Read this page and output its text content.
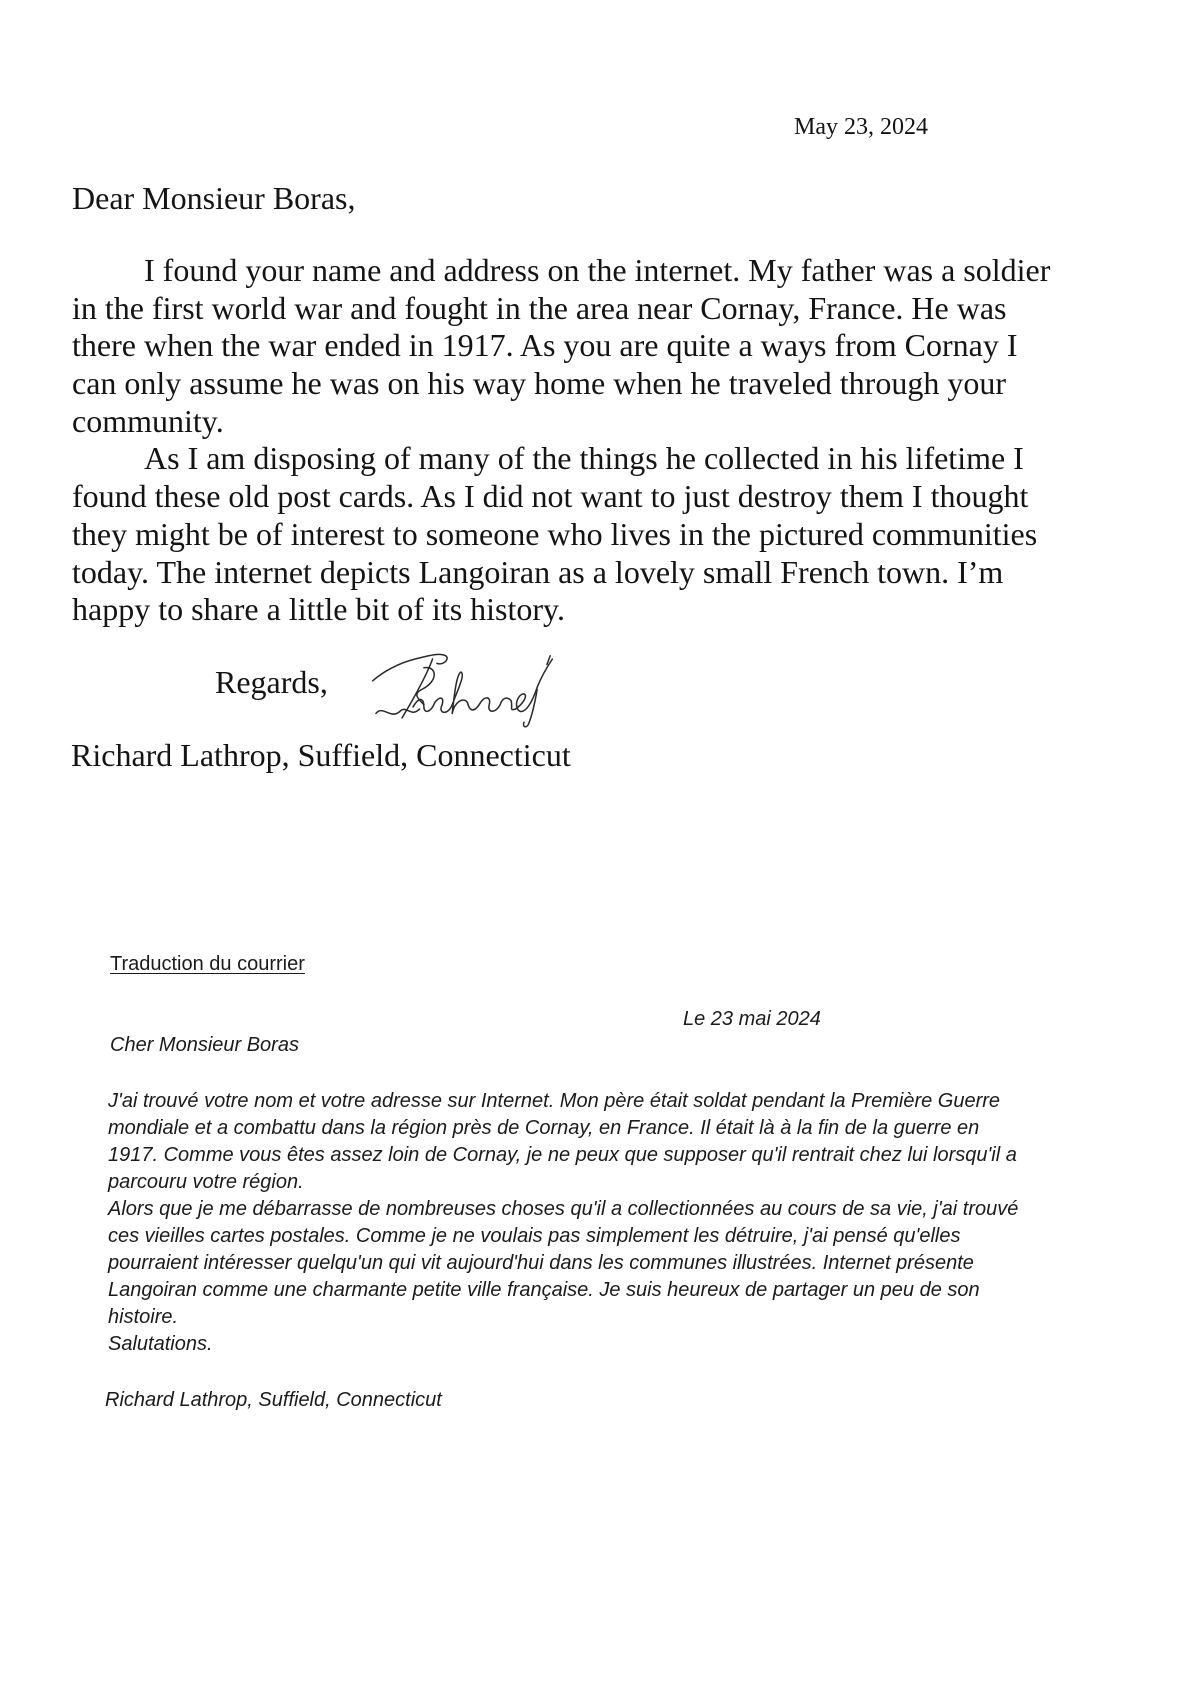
May 23, 2024
Dear Monsieur Boras,
I found your name and address on the internet. My father was a soldier
in the first world war and fought in the area near Cornay, France. He was
there when the war ended in 1917. As you are quite a ways from Cornay I
can only assume he was on his way home when he traveled through your
community.
As I am disposing of many of the things he collected in his lifetime I
found these old post cards. As I did not want to just destroy them I thought
they might be of interest to someone who lives in the pictured communities
today. The internet depicts Langoiran as a lovely small French town. I’m
happy to share a little bit of its history.
Regards,
Richard Lathrop, Suffield, Connecticut
Traduction du courrier
Le 23 mai 2024
Cher Monsieur Boras
J'ai trouvé votre nom et votre adresse sur Internet. Mon père était soldat pendant la Première Guerre
mondiale et a combattu dans la région près de Cornay, en France. Il était là à la fin de la guerre en
1917. Comme vous êtes assez loin de Cornay, je ne peux que supposer qu'il rentrait chez lui lorsqu'il a
parcouru votre région.
Alors que je me débarrasse de nombreuses choses qu'il a collectionnées au cours de sa vie, j'ai trouvé
ces vieilles cartes postales. Comme je ne voulais pas simplement les détruire, j'ai pensé qu'elles
pourraient intéresser quelqu'un qui vit aujourd'hui dans les communes illustrées. Internet présente
Langoiran comme une charmante petite ville française. Je suis heureux de partager un peu de son
histoire.
Salutations.
Richard Lathrop, Suffield, Connecticut
